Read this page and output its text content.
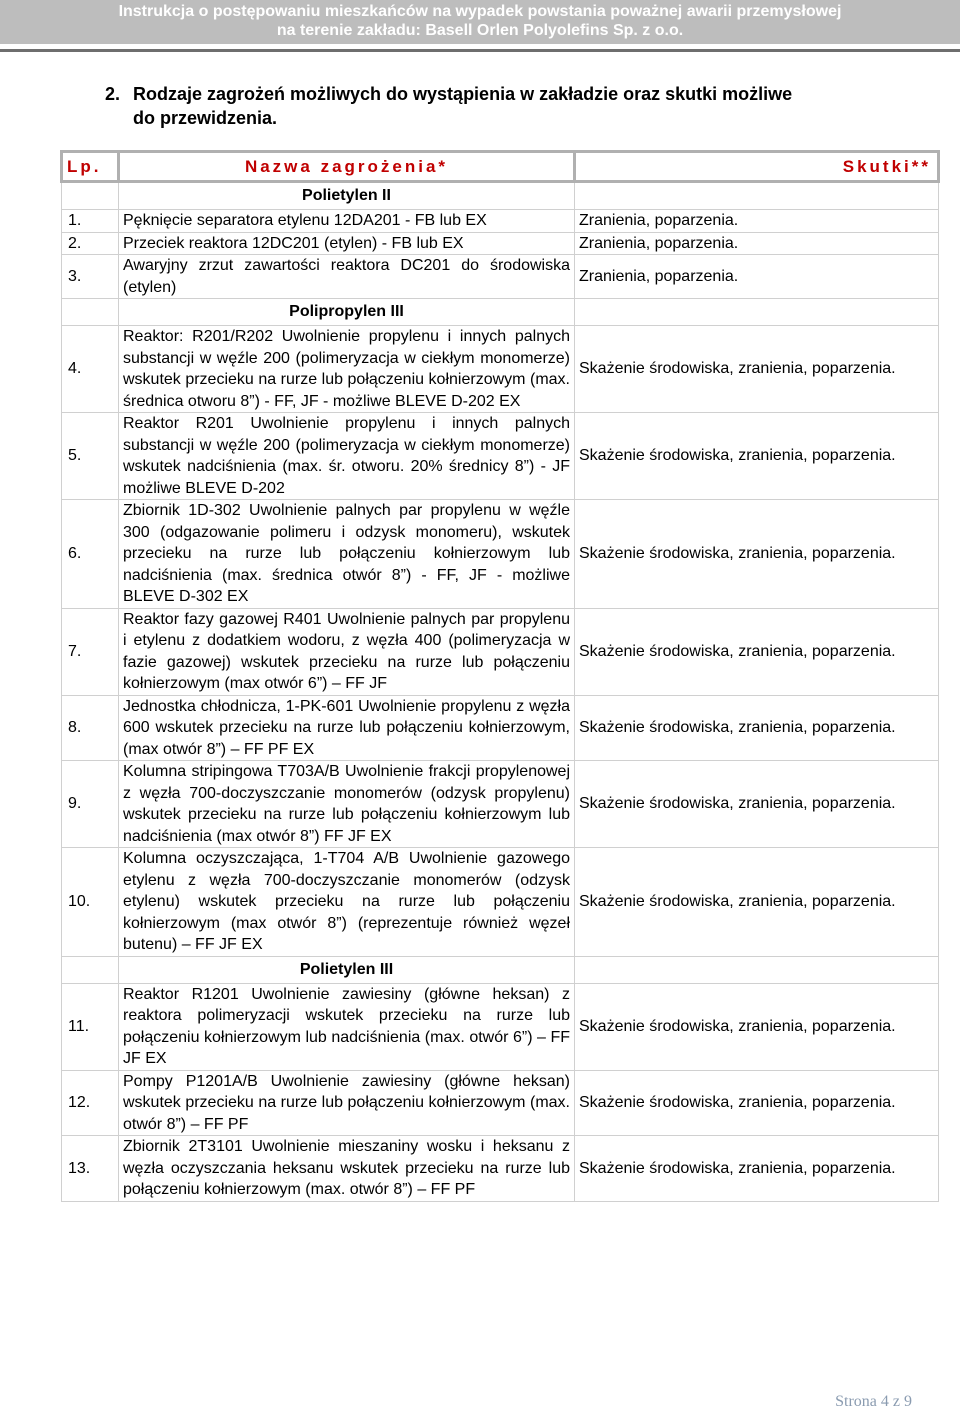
Instrukcja o postępowaniu mieszkańców na wypadek powstania poważnej awarii przemysłowej
na terenie zakładu: Basell Orlen Polyolefins Sp. z o.o.
2. Rodzaje zagrożeń możliwych do wystąpienia w zakładzie oraz skutki możliwe
do przewidzenia.
Lp.	Nazwa zagrożenia*	Skutki**
	Polietylen II	
1.	Pęknięcie separatora etylenu 12DA201 - FB lub EX	Zranienia, poparzenia.
2.	Przeciek reaktora 12DC201 (etylen) - FB lub EX	Zranienia, poparzenia.
3.	Awaryjny zrzut zawartości reaktora DC201 do środowiska (etylen)	Zranienia, poparzenia.
	Polipropylen III	
4.	Reaktor: R201/R202 Uwolnienie propylenu i innych palnych substancji w węźle 200 (polimeryzacja w ciekłym monomerze) wskutek przecieku na rurze lub połączeniu kołnierzowym (max. średnica otworu 8”) - FF, JF - możliwe BLEVE D-202 EX	Skażenie środowiska, zranienia, poparzenia.
5.	Reaktor R201 Uwolnienie propylenu i innych palnych substancji w węźle 200 (polimeryzacja w ciekłym monomerze) wskutek nadciśnienia (max. śr. otworu. 20% średnicy 8”) - JF możliwe BLEVE D-202	Skażenie środowiska, zranienia, poparzenia.
6.	Zbiornik 1D-302 Uwolnienie palnych par propylenu w węźle 300 (odgazowanie polimeru i odzysk monomeru), wskutek przecieku na rurze lub połączeniu kołnierzowym lub nadciśnienia (max. średnica otwór 8”) - FF, JF - możliwe BLEVE D-302 EX	Skażenie środowiska, zranienia, poparzenia.
7.	Reaktor fazy gazowej R401 Uwolnienie palnych par propylenu i etylenu z dodatkiem wodoru, z węzła 400 (polimeryzacja w fazie gazowej) wskutek przecieku na rurze lub połączeniu kołnierzowym (max otwór 6”) – FF JF	Skażenie środowiska, zranienia, poparzenia.
8.	Jednostka chłodnicza, 1-PK-601 Uwolnienie propylenu z węzła 600 wskutek przecieku na rurze lub połączeniu kołnierzowym, (max otwór 8”) – FF PF EX	Skażenie środowiska, zranienia, poparzenia.
9.	Kolumna stripingowa T703A/B Uwolnienie frakcji propylenowej z węzła 700-doczyszczanie monomerów (odzysk propylenu) wskutek przecieku na rurze lub połączeniu kołnierzowym lub nadciśnienia (max otwór 8”) FF JF EX	Skażenie środowiska, zranienia, poparzenia.
10.	Kolumna oczyszczająca, 1-T704 A/B Uwolnienie gazowego etylenu z węzła 700-doczyszczanie monomerów (odzysk etylenu) wskutek przecieku na rurze lub połączeniu kołnierzowym (max otwór 8”) (reprezentuje również węzeł butenu) – FF JF EX	Skażenie środowiska, zranienia, poparzenia.
	Polietylen III	
11.	Reaktor R1201 Uwolnienie zawiesiny (główne heksan) z reaktora polimeryzacji wskutek przecieku na rurze lub połączeniu kołnierzowym lub nadciśnienia (max. otwór 6”) – FF JF EX	Skażenie środowiska, zranienia, poparzenia.
12.	Pompy P1201A/B Uwolnienie zawiesiny (główne heksan) wskutek przecieku na rurze lub połączeniu kołnierzowym (max. otwór 8”) – FF PF	Skażenie środowiska, zranienia, poparzenia.
13.	Zbiornik 2T3101 Uwolnienie mieszaniny wosku i heksanu z węzła oczyszczania heksanu wskutek przecieku na rurze lub połączeniu kołnierzowym (max. otwór 8”) – FF PF	Skażenie środowiska, zranienia, poparzenia.
Strona 4 z 9
